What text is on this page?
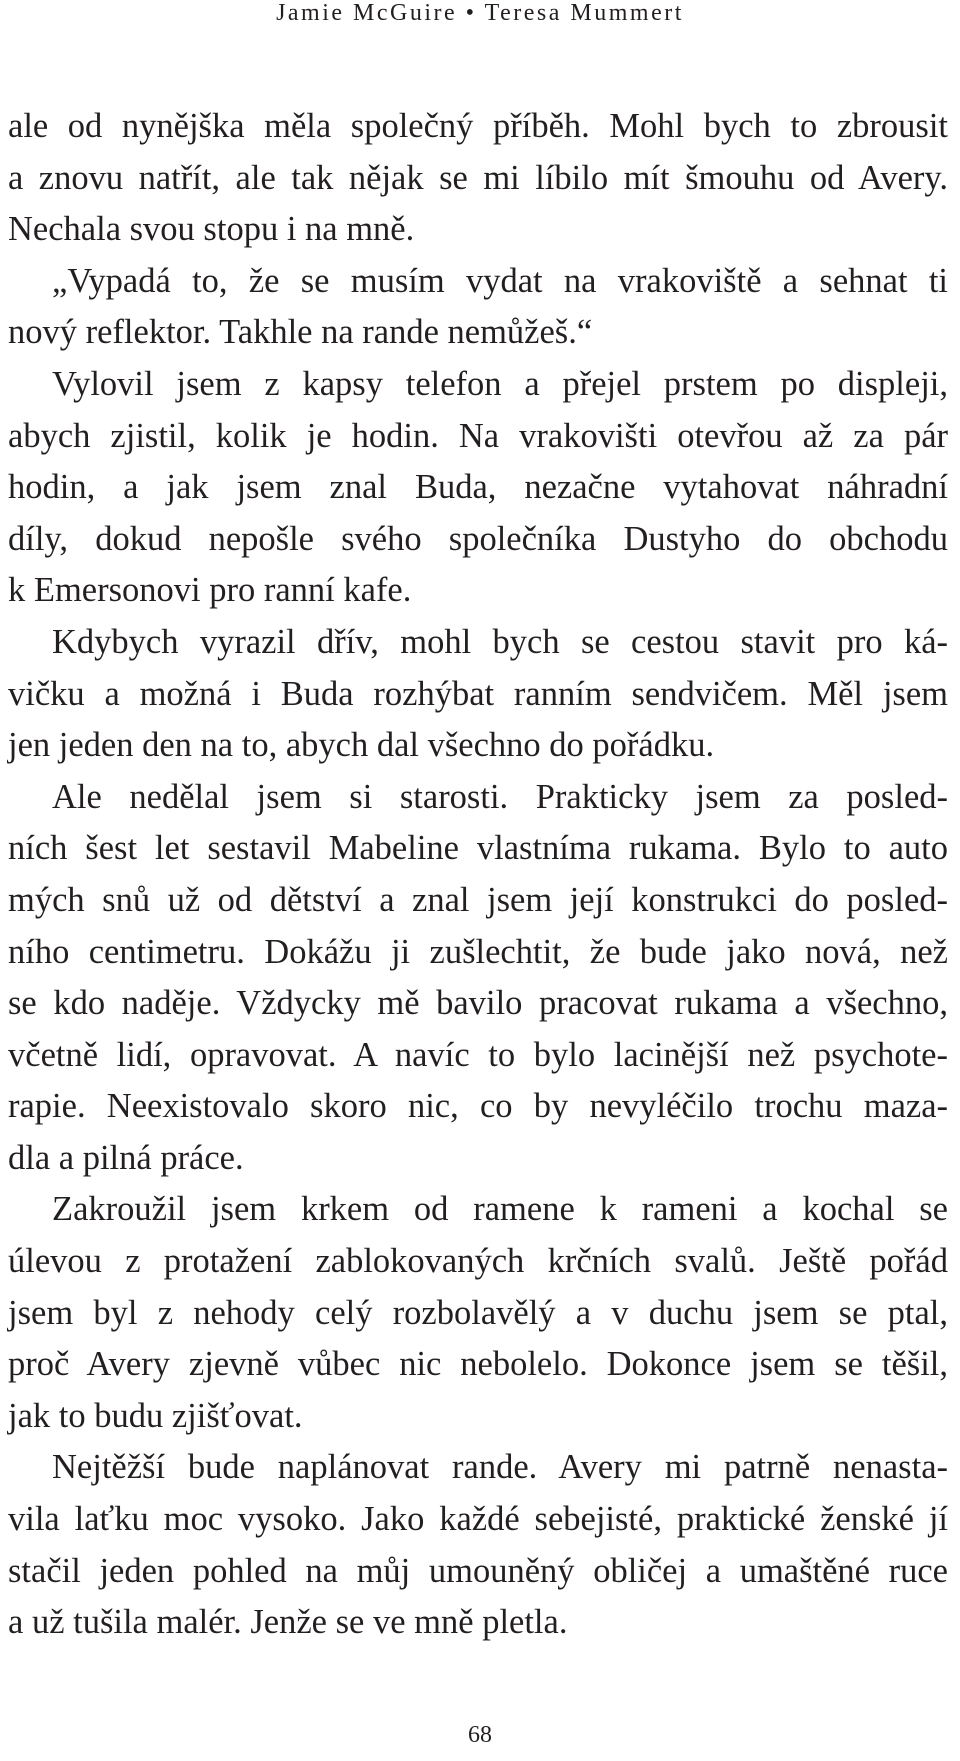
Jamie McGuire • Teresa Mummert
ale od nynějška měla společný příběh. Mohl bych to zbrousit
a znovu natřít, ale tak nějak se mi líbilo mít šmouhu od Avery.
Nechala svou stopu i na mně.
„Vypadá to, že se musím vydat na vrakoviště a sehnat ti
nový reflektor. Takhle na rande nemůžeš.“
Vylovil jsem z kapsy telefon a přejel prstem po displeji,
abych zjistil, kolik je hodin. Na vrakovišti otevřou až za pár
hodin, a jak jsem znal Buda, nezačne vytahovat náhradní
díly, dokud nepošle svého společníka Dustyho do obchodu
k Emersonovi pro ranní kafe.
Kdybych vyrazil dřív, mohl bych se cestou stavit pro ká-
vičku a možná i Buda rozhýbat ranním sendvičem. Měl jsem
jen jeden den na to, abych dal všechno do pořádku.
Ale nedělal jsem si starosti. Prakticky jsem za posled-
ních šest let sestavil Mabeline vlastníma rukama. Bylo to auto
mých snů už od dětství a znal jsem její konstrukci do posled-
ního centimetru. Dokážu ji zušlechtit, že bude jako nová, než
se kdo naděje. Vždycky mě bavilo pracovat rukama a všechno,
včetně lidí, opravovat. A navíc to bylo lacinější než psychote-
rapie. Neexistovalo skoro nic, co by nevyléčilo trochu maza-
dla a pilná práce.
Zakroužil jsem krkem od ramene k rameni a kochal se
úlevou z protažení zablokovaných krčních svalů. Ještě pořád
jsem byl z nehody celý rozbolavělý a v duchu jsem se ptal,
proč Avery zjevně vůbec nic nebolelo. Dokonce jsem se těšil,
jak to budu zjišťovat.
Nejtěžší bude naplánovat rande. Avery mi patrně nenasta-
vila laťku moc vysoko. Jako každé sebejisté, praktické ženské jí
stačil jeden pohled na můj umouněný obličej a umaštěné ruce
a už tušila malér. Jenže se ve mně pletla.
68
